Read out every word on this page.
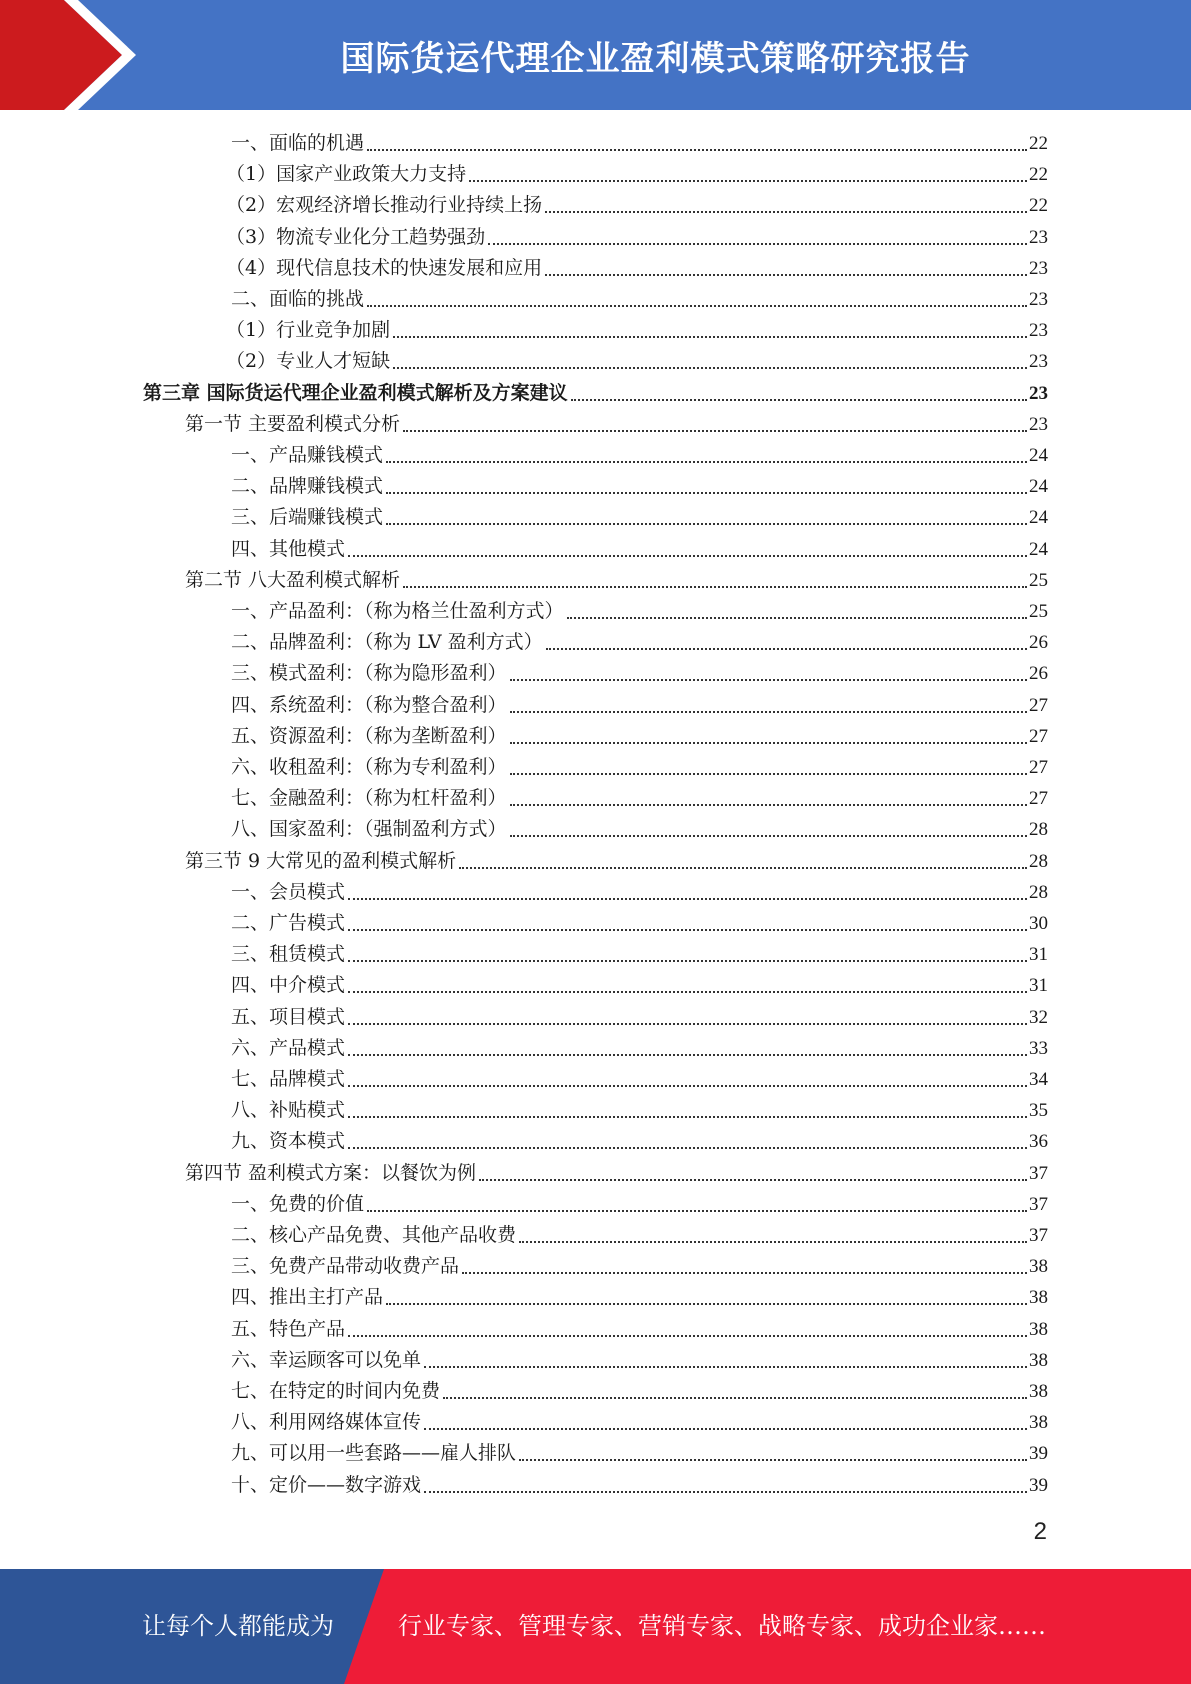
国际货运代理企业盈利模式策略研究报告
一、面临的机遇	22
（1）国家产业政策大力支持	22
（2）宏观经济增长推动行业持续上扬	22
（3）物流专业化分工趋势强劲	23
（4）现代信息技术的快速发展和应用	23
二、面临的挑战	23
（1）行业竞争加剧	23
（2）专业人才短缺	23
第三章 国际货运代理企业盈利模式解析及方案建议	23
第一节 主要盈利模式分析	23
一、产品赚钱模式	24
二、品牌赚钱模式	24
三、后端赚钱模式	24
四、其他模式	24
第二节 八大盈利模式解析	25
一、产品盈利：（称为格兰仕盈利方式）	25
二、品牌盈利：（称为 LV 盈利方式）	26
三、模式盈利：（称为隐形盈利）	26
四、系统盈利：（称为整合盈利）	27
五、资源盈利：（称为垄断盈利）	27
六、收租盈利：（称为专利盈利）	27
七、金融盈利：（称为杠杆盈利）	27
八、国家盈利：（强制盈利方式）	28
第三节 9 大常见的盈利模式解析	28
一、会员模式	28
二、广告模式	30
三、租赁模式	31
四、中介模式	31
五、项目模式	32
六、产品模式	33
七、品牌模式	34
八、补贴模式	35
九、资本模式	36
第四节 盈利模式方案：以餐饮为例	37
一、免费的价值	37
二、核心产品免费、其他产品收费	37
三、免费产品带动收费产品	38
四、推出主打产品	38
五、特色产品	38
六、幸运顾客可以免单	38
七、在特定的时间内免费	38
八、利用网络媒体宣传	38
九、可以用一些套路——雇人排队	39
十、定价——数字游戏	39
2
让每个人都能成为	行业专家、管理专家、营销专家、战略专家、成功企业家……
